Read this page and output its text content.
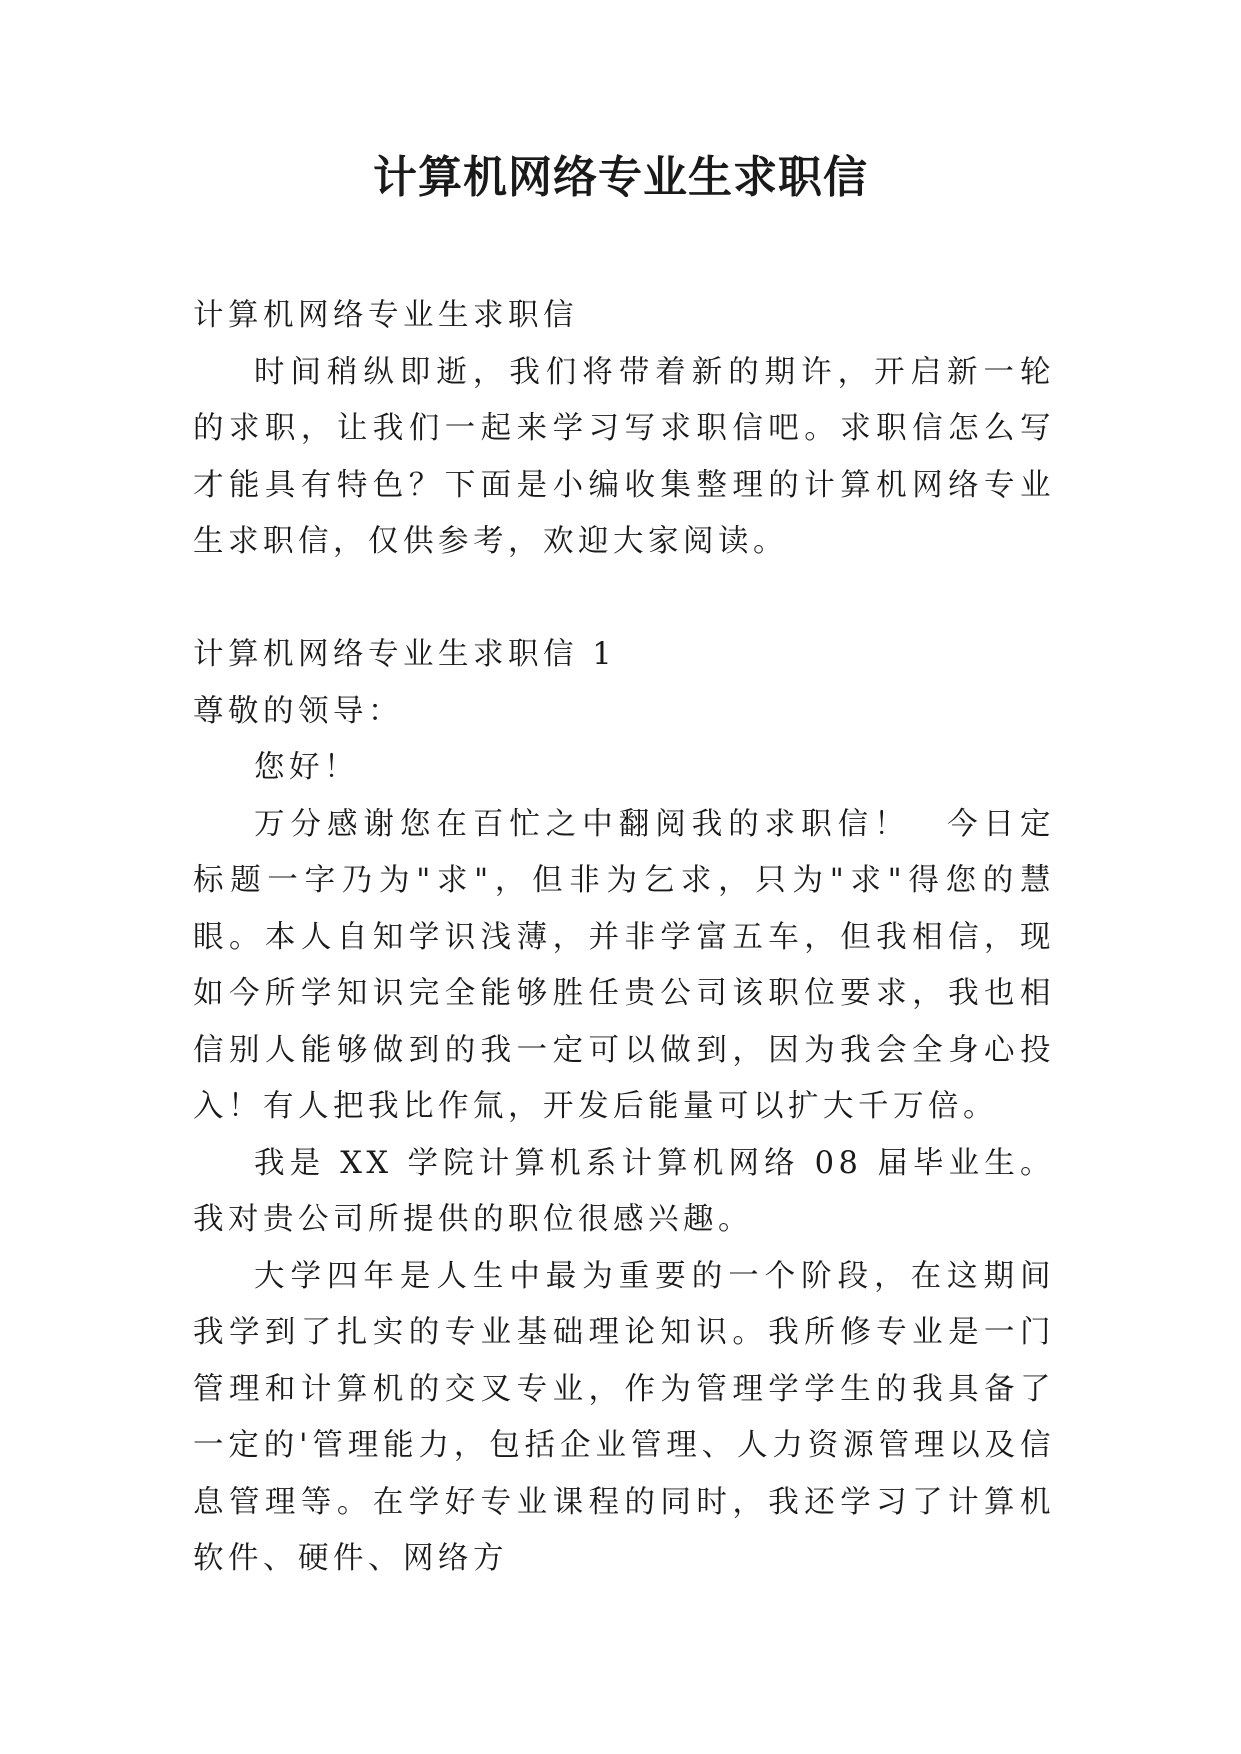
计算机网络专业生求职信

计算机网络专业生求职信

时间稍纵即逝，我们将带着新的期许，开启新一轮的求职，让我们一起来学习写求职信吧。求职信怎么写才能具有特色？下面是小编收集整理的计算机网络专业生求职信，仅供参考，欢迎大家阅读。

计算机网络专业生求职信 1

尊敬的领导：

您好！

万分感谢您在百忙之中翻阅我的求职信！　今日定标题一字乃为"求"，但非为乞求，只为"求"得您的慧眼。本人自知学识浅薄，并非学富五车，但我相信，现如今所学知识完全能够胜任贵公司该职位要求，我也相信别人能够做到的我一定可以做到，因为我会全身心投入！有人把我比作氚，开发后能量可以扩大千万倍。

我是 XX 学院计算机系计算机网络 08 届毕业生。我对贵公司所提供的职位很感兴趣。

大学四年是人生中最为重要的一个阶段，在这期间我学到了扎实的专业基础理论知识。我所修专业是一门管理和计算机的交叉专业，作为管理学学生的我具备了一定的'管理能力，包括企业管理、人力资源管理以及信息管理等。在学好专业课程的同时，我还学习了计算机软件、硬件、网络方
